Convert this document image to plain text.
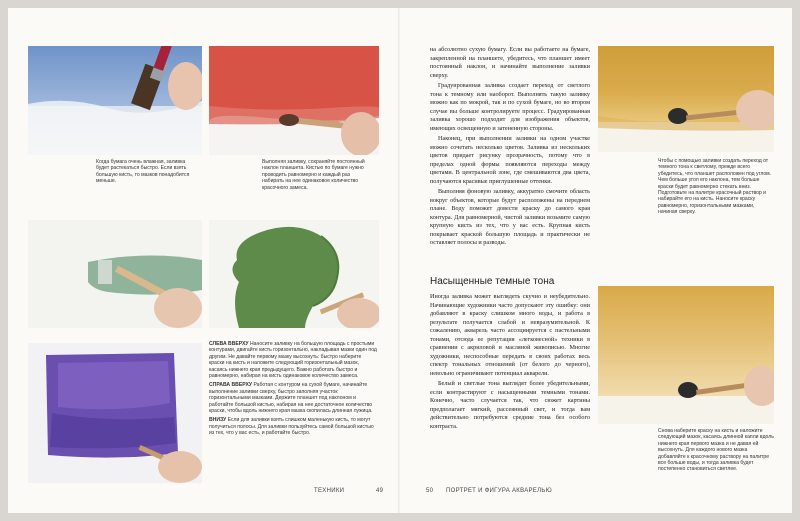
Когда бумага очень влажная, заливка будет растекаться быстро. Если взять большую кисть, то мазков понадобится меньше.
Выполняя заливку, сохраняйте постоянный наклон планшета. Кистью по бумаге нужно проводить равномерно и каждый раз набирать на нее одинаковое количество красочного замеса.
СЛЕВА ВВЕРХУ Наносите заливку на большую площадь с простыми контурами, двигайте кисть горизонтально, накладывая мазки один под другим. Не давайте первому мазку высохнуть: быстро наберите краски на кисть и наложите следующий горизонтальный мазок, касаясь нижнего края предыдущего. Важно работать быстро и равномерно, набирая на кисть одинаковое количество замеса.
СПРАВА ВВЕРХУ Работая с контуром на сухой бумаге, начинайте выполнение заливки сверху, быстро заполняя участок горизонтальными мазками. Держите планшет под наклоном и работайте большой кистью, набирая на нее достаточное количество краски, чтобы вдоль нижнего края мазка скопилась длинная лужица.
ВНИЗУ Если для заливки взять слишком маленькую кисть, то могут получиться полосы. Для заливки пользуйтесь самой большой кистью из тех, что у вас есть, и работайте быстро.
ТЕХНИКИ	49

на абсолютно сухую бумагу. Если вы работаете на бумаге, закрепленной на планшете, убедитесь, что планшет имеет постоянный наклон, и начинайте выполнение заливки сверху.

Градуированная заливка создает переход от светлого тона к темному или наоборот. Выполнять такую заливку можно как по мокрой, так и по сухой бумаге, но во втором случае вы больше контролируете процесс. Градуированная заливка хорошо подходит для изображения объектов, имеющих освещенную и затененную стороны.

Наконец, при выполнении заливки на одном участке можно сочетать несколько цветов. Заливка из нескольких цветов придает рисунку прозрачность, потому что в пределах одной формы появляются переходы между цветами. В центральной зоне, где смешиваются два цвета, получаются красивые приглушенные оттенки.

Выполняя фоновую заливку, аккуратно смочите область вокруг объектов, которые будут расположены на переднем плане. Воду поможет довести краску до самого края контура. Для равномерной, чистой заливки возьмите самую крупную кисть из тех, что у вас есть. Крупная кисть покрывает краской большую площадь и практически не оставляет полосы и разводы.

Насыщенные темные тона

Иногда заливка может выглядеть скучно и неубедительно. Начинающие художники часто допускают эту ошибку: они добавляют в краску слишком много воды, и работа в результате получается слабой и невразумительной. К сожалению, акварель часто ассоциируется с пастельными тонами, отсюда ее репутация «легковесной» техники в сравнении с акриловой и масляной живописью. Многие художники, неспособные передать в своих работах весь спектр тональных отношений (от белого до черного), невольно ограничивают потенциал акварели.

Белый и светлые тона выглядят более убедительными, если контрастируют с насыщенными темными тонами. Конечно, часто случается так, что сюжет картины предполагает мягкий, рассеянный свет, и тогда вам действительно потребуются средние тона без особого контраста.

Чтобы с помощью заливки создать переход от темного тона к светлому, прежде всего убедитесь, что планшет расположен под углом. Чем больше угол его наклона, тем больше краски будет равномерно стекать вниз. Подготовьте на палитре красочный раствор и набирайте его на кисть. Наносите краску равномерно, горизонтальными мазками, начиная сверху.
Снова наберите краску на кисть и наложите следующий мазок, касаясь длинной капли вдоль нижнего края первого мазка и не давая ей высохнуть. Для каждого нового мазка добавляйте к красочному раствору на палитре все больше воды, и тогда заливка будет постепенно становиться светлее.
50 ПОРТРЕТ И ФИГУРА АКВАРЕЛЬЮ
